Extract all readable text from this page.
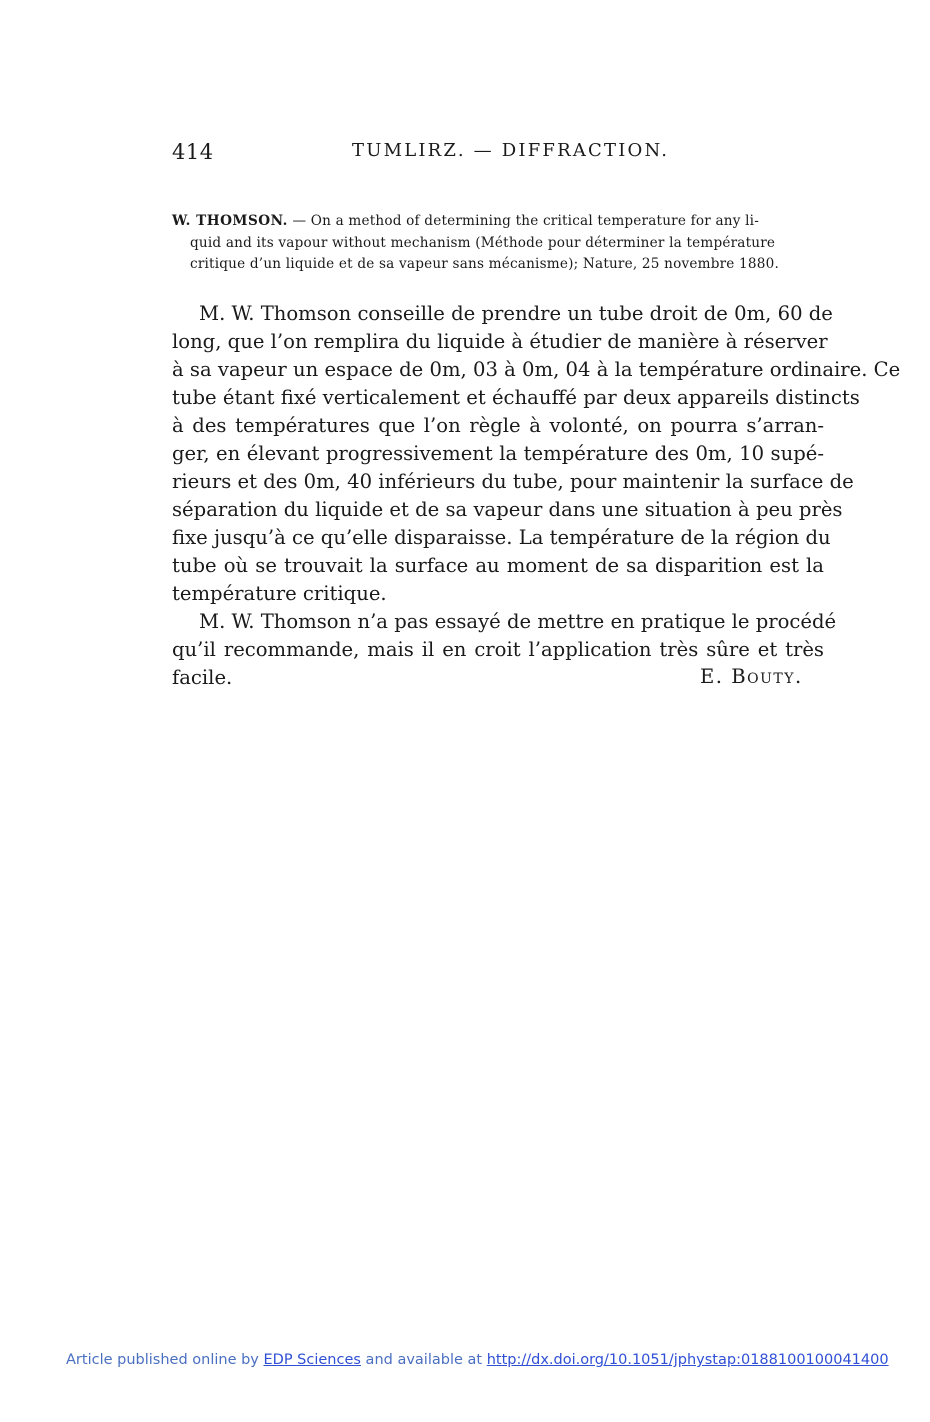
414	TUMLIRZ. — DIFFRACTION.
W. THOMSON. — On a method of determining the critical temperature for any li-
quid and its vapour without mechanism (Méthode pour déterminer la température
critique d’un liquide et de sa vapeur sans mécanisme); Nature, 25 novembre 1880.
M. W. Thomson conseille de prendre un tube droit de 0m, 60 de
long, que l’on remplira du liquide à étudier de manière à réserver
à sa vapeur un espace de 0m, 03 à 0m, 04 à la température ordinaire. Ce
tube étant fixé verticalement et échauffé par deux appareils distincts
à des températures que l’on règle à volonté, on pourra s’arran-
ger, en élevant progressivement la température des 0m, 10 supé-
rieurs et des 0m, 40 inférieurs du tube, pour maintenir la surface de
séparation du liquide et de sa vapeur dans une situation à peu près
fixe jusqu’à ce qu’elle disparaisse. La température de la région du
tube où se trouvait la surface au moment de sa disparition est la
température critique.
M. W. Thomson n’a pas essayé de mettre en pratique le procédé
qu’il recommande, mais il en croit l’application très sûre et très
facile.	E. Bouty.
Article published online by EDP Sciences and available at http://dx.doi.org/10.1051/jphystap:0188100100041400
